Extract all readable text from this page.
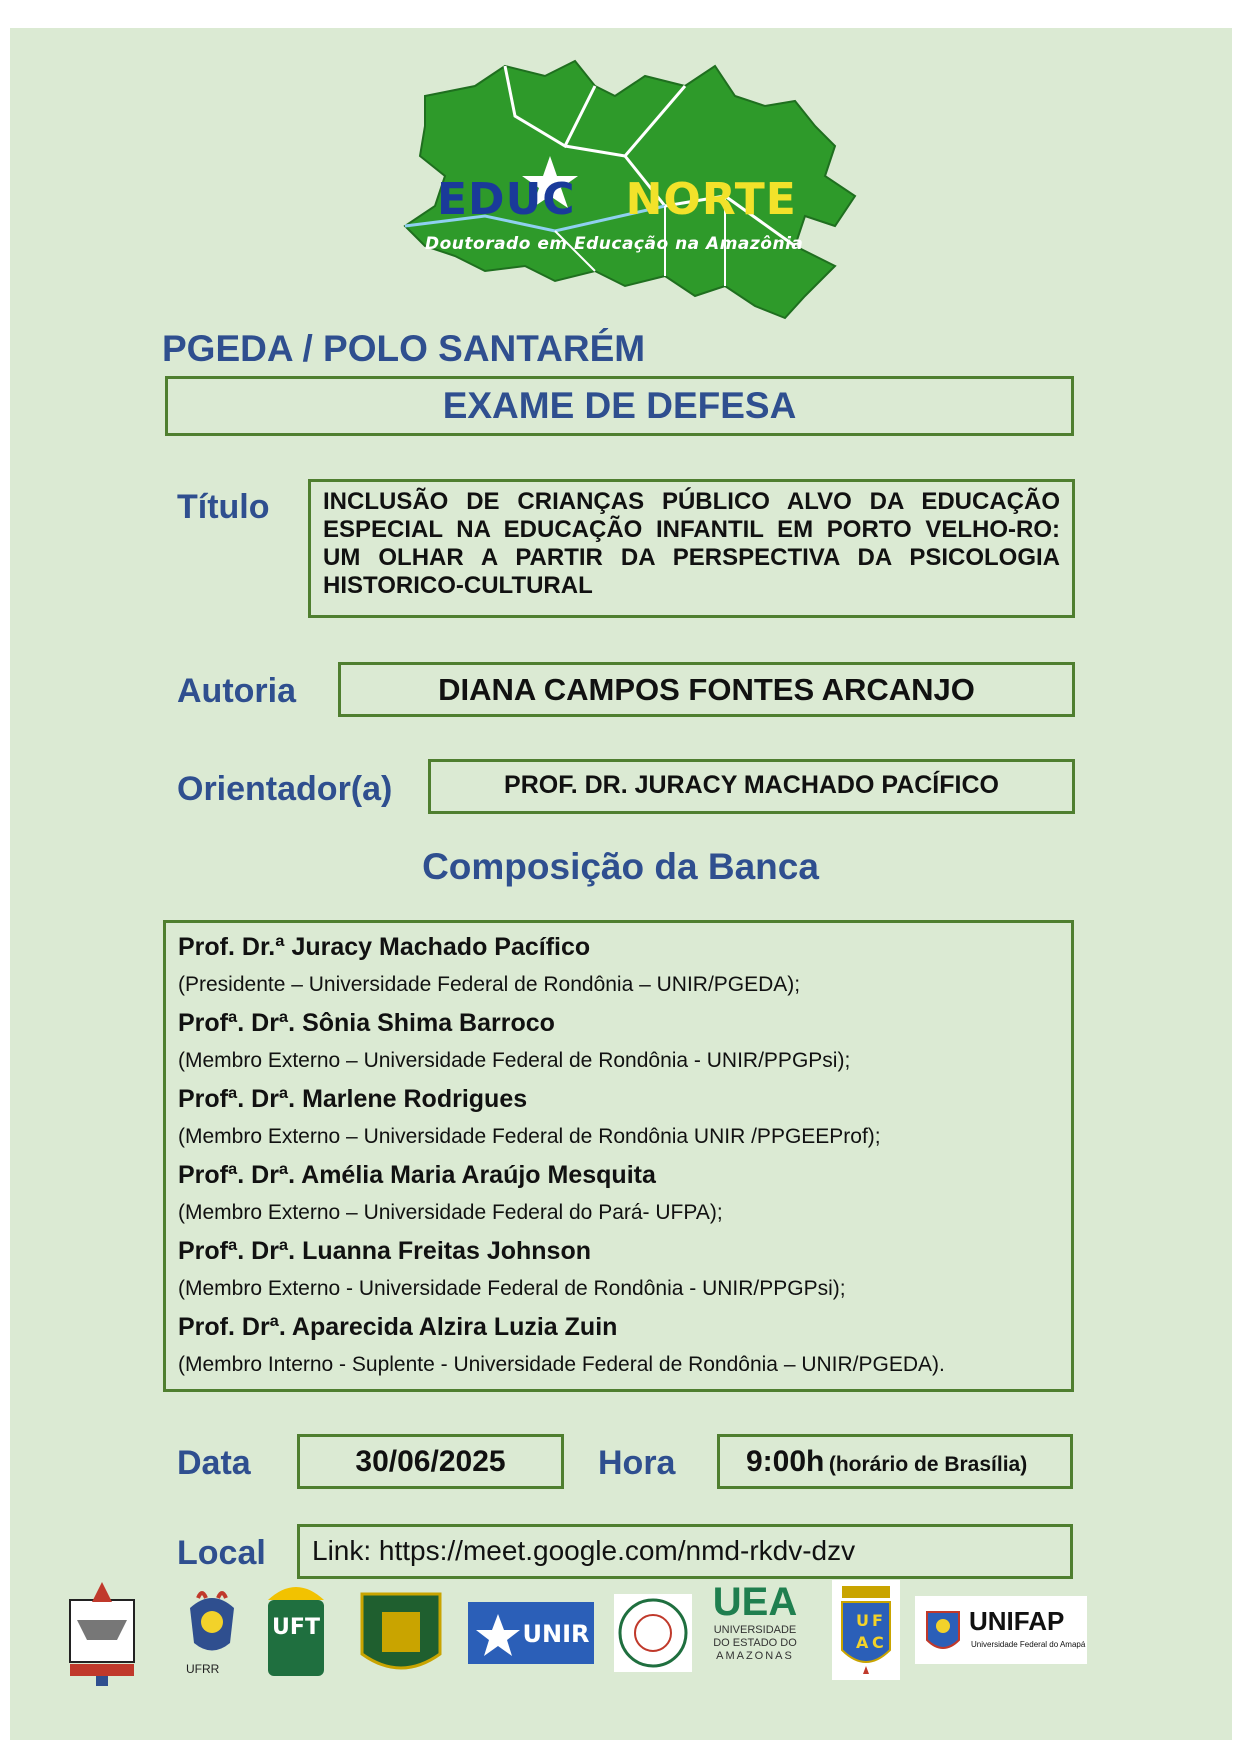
EDUC NORTE
Doutorado em Educação na Amazônia
PGEDA / POLO SANTARÉM
EXAME DE DEFESA
Título INCLUSÃO DE CRIANÇAS PÚBLICO ALVO DA EDUCAÇÃO ESPECIAL NA EDUCAÇÃO INFANTIL EM PORTO VELHO-RO: UM OLHAR A PARTIR DA PERSPECTIVA DA PSICOLOGIA HISTORICO-CULTURAL

Autoria	DIANA CAMPOS FONTES ARCANJO
Orientador(a)	PROF. DR. JURACY MACHADO PACÍFICO
Composição da Banca
Prof. Dr.ª Juracy Machado Pacífico
(Presidente – Universidade Federal de Rondônia – UNIR/PGEDA);
Profª. Drª. Sônia Shima Barroco
(Membro Externo – Universidade Federal de Rondônia - UNIR/PPGPsi);
Profª. Drª. Marlene Rodrigues
(Membro Externo – Universidade Federal de Rondônia UNIR /PPGEEProf);
Profª. Drª. Amélia Maria Araújo Mesquita
(Membro Externo – Universidade Federal do Pará- UFPA);
Profª. Drª. Luanna Freitas Johnson
(Membro Externo - Universidade Federal de Rondônia - UNIR/PPGPsi);
Prof. Drª. Aparecida Alzira Luzia Zuin
(Membro Interno - Suplente - Universidade Federal de Rondônia – UNIR/PGEDA).
Data	30/06/2025	Hora	9:00h (horário de Brasília)
Local	Link: https://meet.google.com/nmd-rkdv-dzv
UFRR
UFT	UNIR
UEA
UNIVERSIDADE
DO ESTADO DO
AMAZONAS
U F
A C
UNIFAP
Universidade Federal do Amapá
